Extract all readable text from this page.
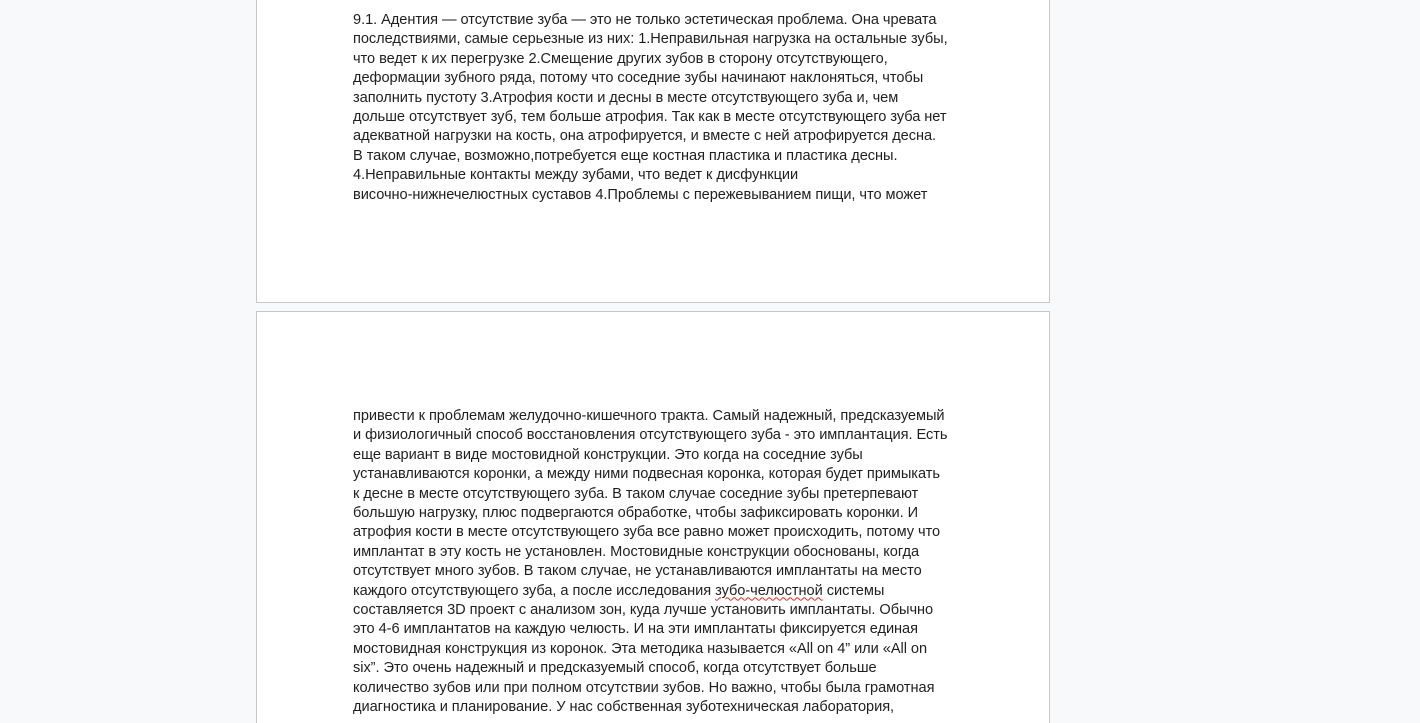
9.1. Адентия — отсутствие зуба — это не только эстетическая проблема. Она чревата
последствиями, самые серьезные из них: 1.Неправильная нагрузка на остальные зубы,
что ведет к их перегрузке 2.Смещение других зубов в сторону отсутствующего,
деформации зубного ряда, потому что соседние зубы начинают наклоняться, чтобы
заполнить пустоту 3.Атрофия кости и десны в месте отсутствующего зуба и, чем
дольше отсутствует зуб, тем больше атрофия. Так как в месте отсутствующего зуба нет
адекватной нагрузки на кость, она атрофируется, и вместе с ней атрофируется десна.
В таком случае, возможно,потребуется еще костная пластика и пластика десны.
4.Неправильные контакты между зубами, что ведет к дисфункции
височно-нижнечелюстных суставов 4.Проблемы с пережевыванием пищи, что может
привести к проблемам желудочно-кишечного тракта. Самый надежный, предсказуемый
и физиологичный способ восстановления отсутствующего зуба - это имплантация. Есть
еще вариант в виде мостовидной конструкции. Это когда на соседние зубы
устанавливаются коронки, а между ними подвесная коронка, которая будет примыкать
к десне в месте отсутствующего зуба. В таком случае соседние зубы претерпевают
большую нагрузку, плюс подвергаются обработке, чтобы зафиксировать коронки. И
атрофия кости в месте отсутствующего зуба все равно может происходить, потому что
имплантат в эту кость не установлен. Мостовидные конструкции обоснованы, когда
отсутствует много зубов. В таком случае, не устанавливаются имплантаты на место
каждого отсутствующего зуба, а после исследования зубо-челюстной системы
составляется 3D проект с анализом зон, куда лучше установить имплантаты. Обычно
это 4-6 имплантатов на каждую челюсть. И на эти имплантаты фиксируется единая
мостовидная конструкция из коронок. Эта методика называется «All on 4” или «All on
six”. Это очень надежный и предсказуемый способ, когда отсутствует больше
количество зубов или при полном отсутствии зубов. Но важно, чтобы была грамотная
диагностика и планирование. У нас собственная зуботехническая лаборатория,
